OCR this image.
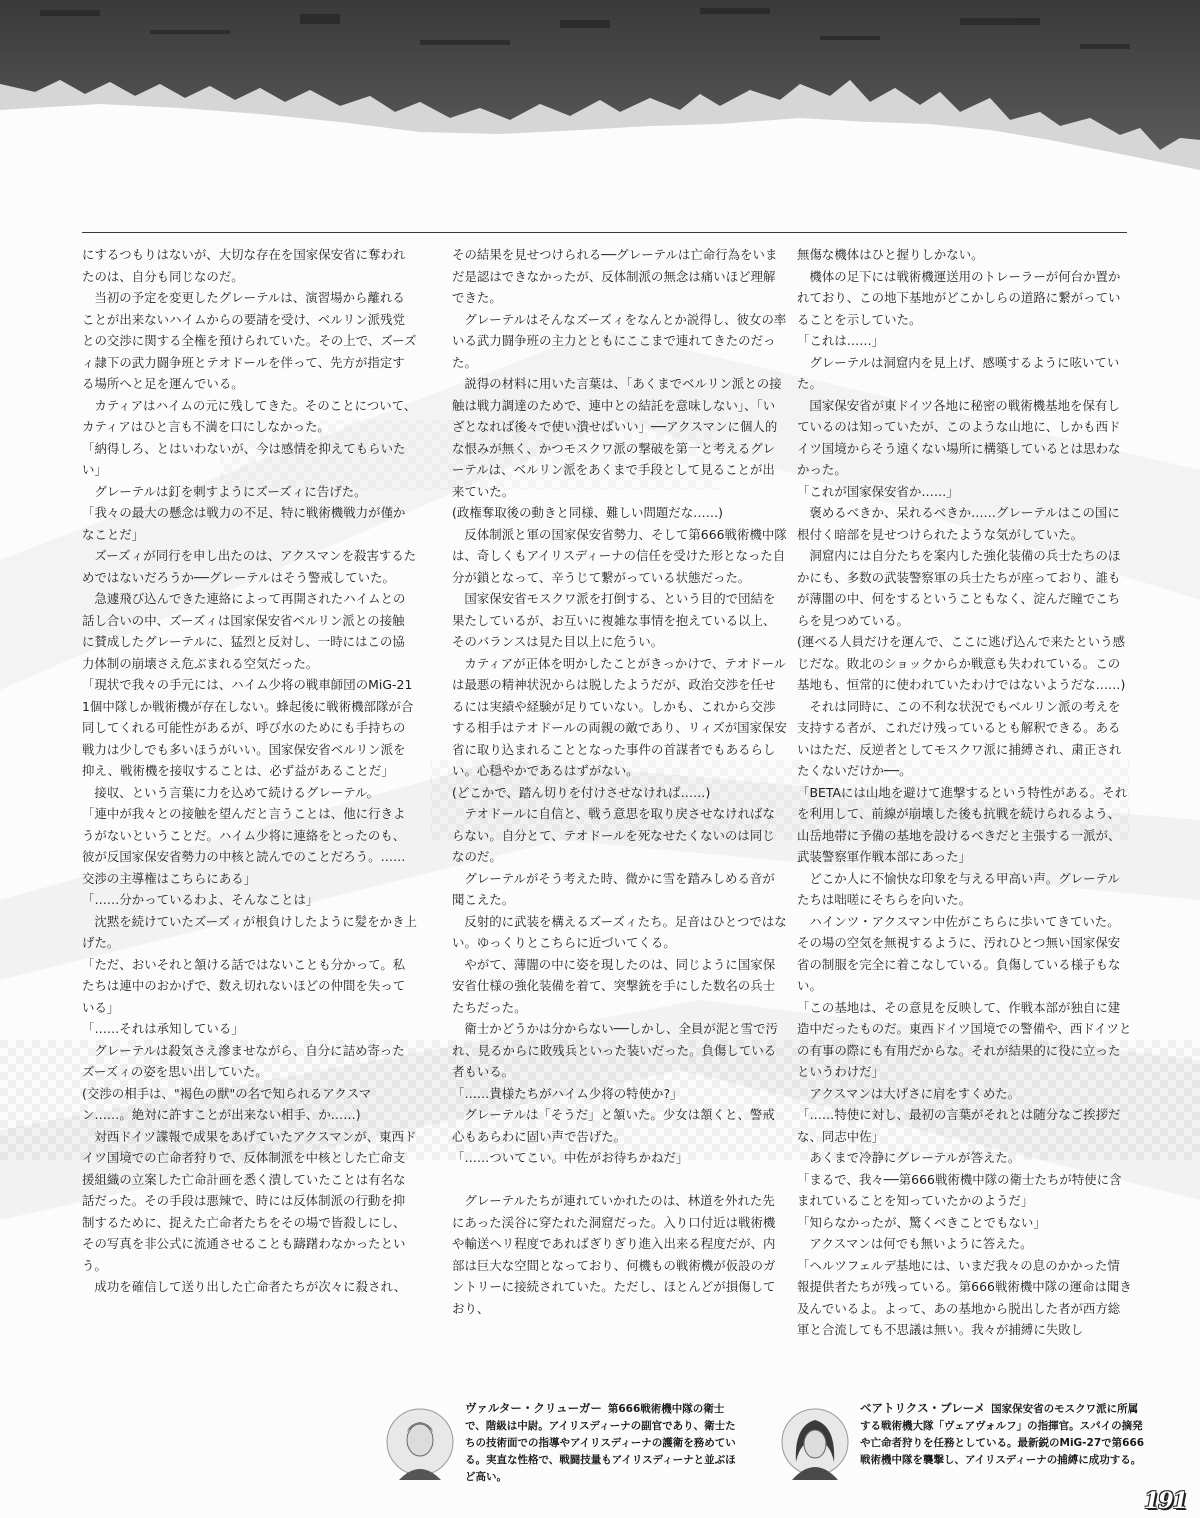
にするつもりはないが、大切な存在を国家保安省に奪われたのは、自分も同じなのだ。

当初の予定を変更したグレーテルは、演習場から離れることが出来ないハイムからの要請を受け、ベルリン派残党との交渉に関する全権を預けられていた。その上で、ズーズィ隷下の武力闘争班とテオドールを伴って、先方が指定する場所へと足を運んでいる。

カティアはハイムの元に残してきた。そのことについて、カティアはひと言も不満を口にしなかった。

「納得しろ、とはいわないが、今は感情を抑えてもらいたい」

グレーテルは釘を刺すようにズーズィに告げた。

「我々の最大の懸念は戦力の不足、特に戦術機戦力が僅かなことだ」

ズーズィが同行を申し出たのは、アクスマンを殺害するためではないだろうか──グレーテルはそう警戒していた。

急遽飛び込んできた連絡によって再開されたハイムとの話し合いの中、ズーズィは国家保安省ベルリン派との接触に賛成したグレーテルに、猛烈と反対し、一時にはこの協力体制の崩壊さえ危ぶまれる空気だった。

「現状で我々の手元には、ハイム少将の戦車師団のMiG-21 1個中隊しか戦術機が存在しない。蜂起後に戦術機部隊が合同してくれる可能性があるが、呼び水のためにも手持ちの戦力は少しでも多いほうがいい。国家保安省ベルリン派を抑え、戦術機を接収することは、必ず益があることだ」

接収、という言葉に力を込めて続けるグレーテル。

「連中が我々との接触を望んだと言うことは、他に行きようがないということだ。ハイム少将に連絡をとったのも、彼が反国家保安省勢力の中核と読んでのことだろう。……交渉の主導権はこちらにある」

「……分かっているわよ、そんなことは」

沈黙を続けていたズーズィが根負けしたように髪をかき上げた。

「ただ、おいそれと頷ける話ではないことも分かって。私たちは連中のおかげで、数え切れないほどの仲間を失っている」

「……それは承知している」

グレーテルは殺気さえ滲ませながら、自分に詰め寄ったズーズィの姿を思い出していた。

(交渉の相手は、"褐色の獣"の名で知られるアクスマン……。絶対に許すことが出来ない相手、か……)

対西ドイツ諜報で成果をあげていたアクスマンが、東西ドイツ国境での亡命者狩りで、反体制派を中核とした亡命支援組織の立案した亡命計画を悉く潰していたことは有名な話だった。その手段は悪辣で、時には反体制派の行動を抑制するために、捉えた亡命者たちをその場で皆殺しにし、その写真を非公式に流通させることも躊躇わなかったという。

成功を確信して送り出した亡命者たちが次々に殺され、

その結果を見せつけられる──グレーテルは亡命行為をいまだ是認はできなかったが、反体制派の無念は痛いほど理解できた。

グレーテルはそんなズーズィをなんとか説得し、彼女の率いる武力闘争班の主力とともにここまで連れてきたのだった。

説得の材料に用いた言葉は、「あくまでベルリン派との接触は戦力調達のためで、連中との結託を意味しない」、「いざとなれば後々で使い潰せばいい」──アクスマンに個人的な恨みが無く、かつモスクワ派の撃破を第一と考えるグレーテルは、ベルリン派をあくまで手段として見ることが出来ていた。

(政権奪取後の動きと同様、難しい問題だな……)

反体制派と軍の国家保安省勢力、そして第666戦術機中隊は、奇しくもアイリスディーナの信任を受けた形となった自分が鎖となって、辛うじて繋がっている状態だった。

国家保安省モスクワ派を打倒する、という目的で団結を果たしているが、お互いに複雑な事情を抱えている以上、そのバランスは見た目以上に危うい。

カティアが正体を明かしたことがきっかけで、テオドールは最悪の精神状況からは脱したようだが、政治交渉を任せるには実績や経験が足りていない。しかも、これから交渉する相手はテオドールの両親の敵であり、リィズが国家保安省に取り込まれることとなった事件の首謀者でもあるらしい。心穏やかであるはずがない。

(どこかで、踏ん切りを付けさせなければ……)

テオドールに自信と、戦う意思を取り戻させなければならない。自分とて、テオドールを死なせたくないのは同じなのだ。

グレーテルがそう考えた時、微かに雪を踏みしめる音が聞こえた。

反射的に武装を構えるズーズィたち。足音はひとつではない。ゆっくりとこちらに近づいてくる。

やがて、薄闇の中に姿を現したのは、同じように国家保安省仕様の強化装備を着て、突撃銃を手にした数名の兵士たちだった。

衛士かどうかは分からない──しかし、全員が泥と雪で汚れ、見るからに敗残兵といった装いだった。負傷している者もいる。

「……貴様たちがハイム少将の特使か?」

グレーテルは「そうだ」と頷いた。少女は頷くと、警戒心もあらわに固い声で告げた。

「……ついてこい。中佐がお待ちかねだ」

グレーテルたちが連れていかれたのは、林道を外れた先にあった渓谷に穿たれた洞窟だった。入り口付近は戦術機や輸送ヘリ程度であればぎりぎり進入出来る程度だが、内部は巨大な空間となっており、何機もの戦術機が仮設のガントリーに接続されていた。ただし、ほとんどが損傷しており、

無傷な機体はひと握りしかない。

機体の足下には戦術機運送用のトレーラーが何台か置かれており、この地下基地がどこかしらの道路に繋がっていることを示していた。

「これは……」

グレーテルは洞窟内を見上げ、感嘆するように呟いていた。

国家保安省が東ドイツ各地に秘密の戦術機基地を保有しているのは知っていたが、このような山地に、しかも西ドイツ国境からそう遠くない場所に構築しているとは思わなかった。

「これが国家保安省か……」

褒めるべきか、呆れるべきか……グレーテルはこの国に根付く暗部を見せつけられたような気がしていた。

洞窟内には自分たちを案内した強化装備の兵士たちのほかにも、多数の武装警察軍の兵士たちが座っており、誰もが薄闇の中、何をするということもなく、淀んだ瞳でこちらを見つめている。

(運べる人員だけを運んで、ここに逃げ込んで来たという感じだな。敗北のショックからか戦意も失われている。この基地も、恒常的に使われていたわけではないようだな……)

それは同時に、この不利な状況でもベルリン派の考えを支持する者が、これだけ残っているとも解釈できる。あるいはただ、反逆者としてモスクワ派に捕縛され、粛正されたくないだけか──。

「BETAには山地を避けて進撃するという特性がある。それを利用して、前線が崩壊した後も抗戦を続けられるよう、山岳地帯に予備の基地を設けるべきだと主張する一派が、武装警察軍作戦本部にあった」

どこか人に不愉快な印象を与える甲高い声。グレーテルたちは咄嗟にそちらを向いた。

ハインツ・アクスマン中佐がこちらに歩いてきていた。その場の空気を無視するように、汚れひとつ無い国家保安省の制服を完全に着こなしている。負傷している様子もない。

「この基地は、その意見を反映して、作戦本部が独自に建造中だったものだ。東西ドイツ国境での警備や、西ドイツとの有事の際にも有用だからな。それが結果的に役に立ったというわけだ」

アクスマンは大げさに肩をすくめた。

「……特使に対し、最初の言葉がそれとは随分なご挨拶だな、同志中佐」

あくまで冷静にグレーテルが答えた。

「まるで、我々──第666戦術機中隊の衛士たちが特使に含まれていることを知っていたかのようだ」

「知らなかったが、驚くべきことでもない」

アクスマンは何でも無いように答えた。

「ヘルツフェルデ基地には、いまだ我々の息のかかった情報提供者たちが残っている。第666戦術機中隊の運命は聞き及んでいるよ。よって、あの基地から脱出した者が西方総軍と合流しても不思議は無い。我々が捕縛に失敗し

ヴァルター・クリューガー 第666戦術機中隊の衛士で、階級は中尉。アイリスディーナの副官であり、衛士たちの技術面での指導やアイリスディーナの護衛を務めている。実直な性格で、戦闘技量もアイリスディーナと並ぶほど高い。
ベアトリクス・ブレーメ 国家保安省のモスクワ派に所属する戦術機大隊「ヴェアヴォルフ」の指揮官。スパイの摘発や亡命者狩りを任務としている。最新鋭のMiG-27で第666戦術機中隊を襲撃し、アイリスディーナの捕縛に成功する。
191
